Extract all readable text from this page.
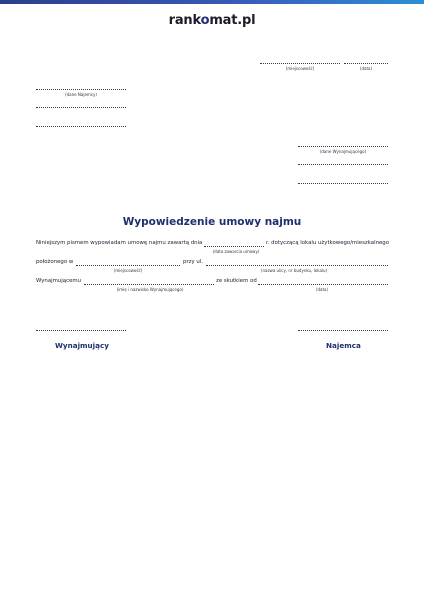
rankomat.pl
(miejscowość)	(data)
(dane Najemcy)
(dane Wynajmującego)
Wypowiedzenie umowy najmu
Niniejszym pismem wypowiadam umowę najmu zawartą dnia	r. dotyczącą lokalu użytkowego/mieszkalnego
(data zawarcia umowy)
położonego w	przy ul.
(miejscowość)	(nazwa ulicy, nr budynku, lokalu)
Wynajmującemu	ze skutkiem od
(imię i nazwisko Wynajmującego)	(data)
Wynajmujący	Najemca
